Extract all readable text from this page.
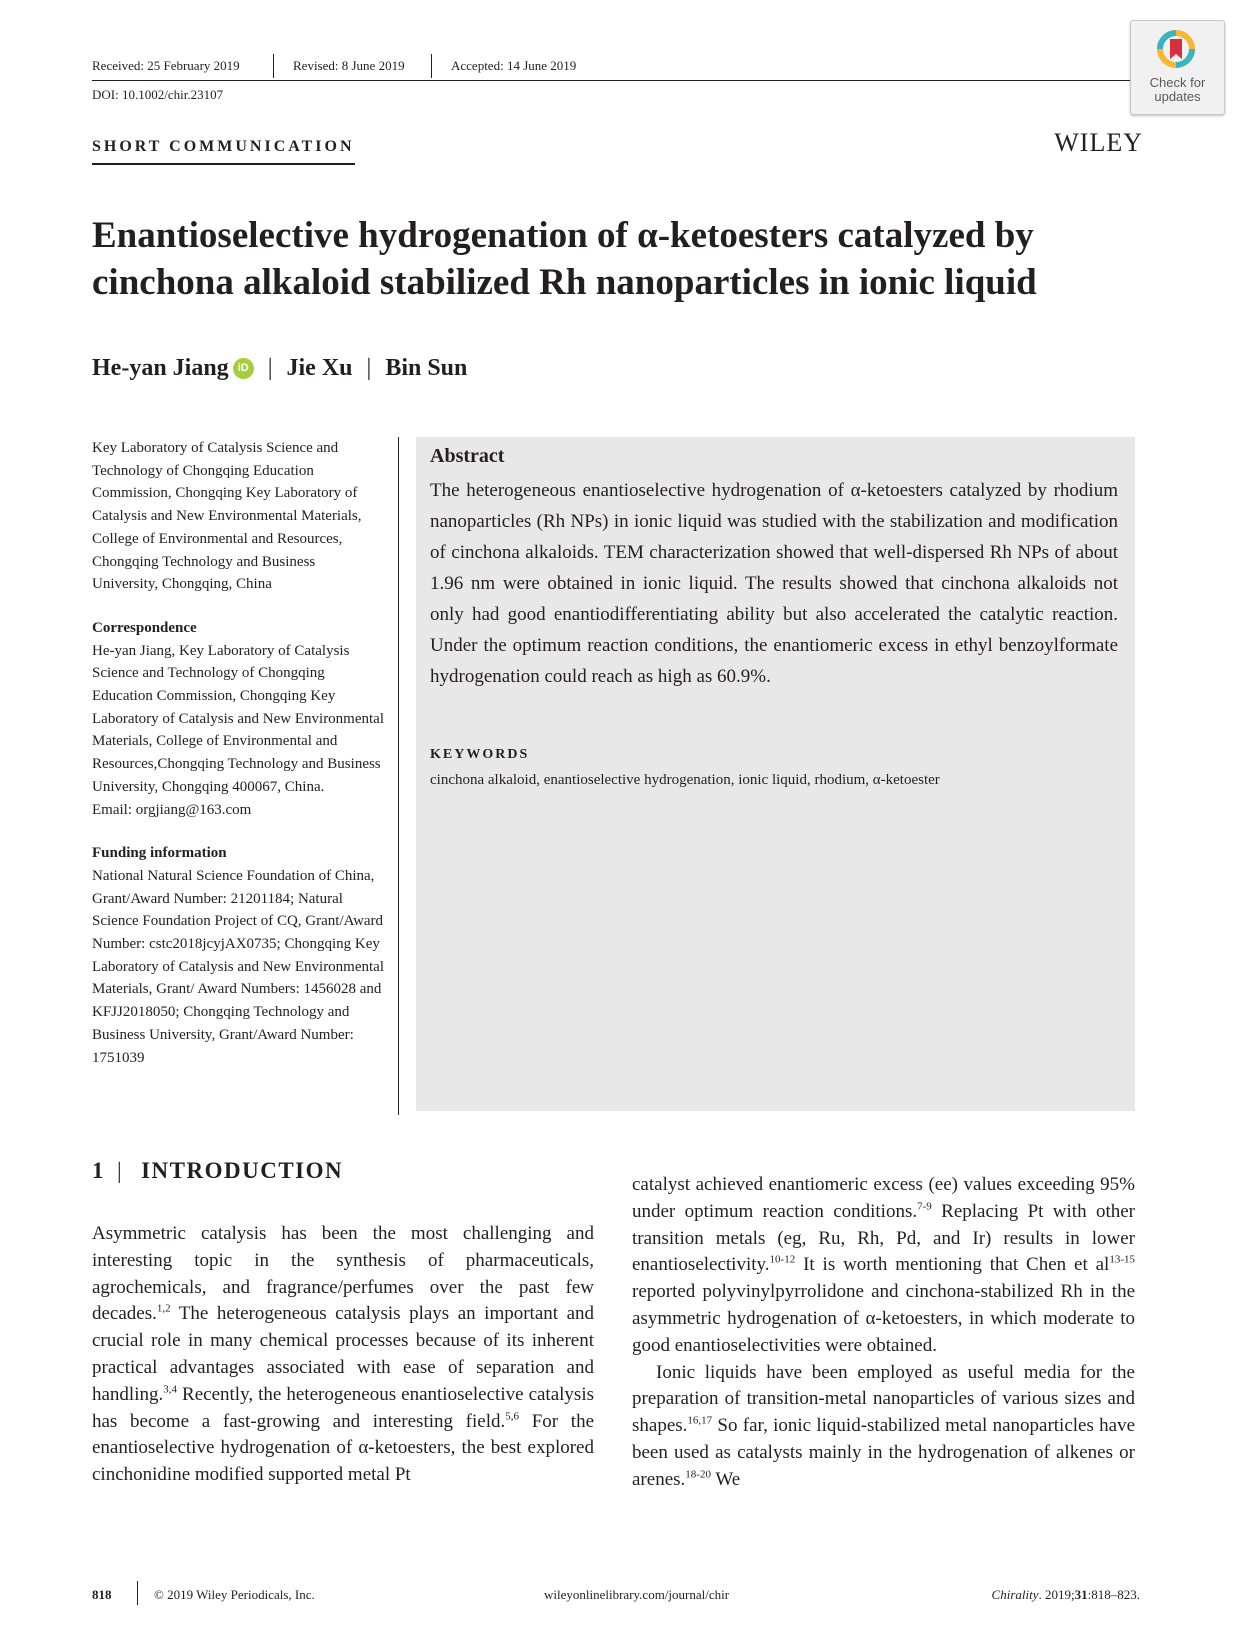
Received: 25 February 2019	Revised: 8 June 2019	Accepted: 14 June 2019
DOI: 10.1002/chir.23107
Check for
updates
SHORT COMMUNICATION	WILEY
Enantioselective hydrogenation of α-ketoesters catalyzed by cinchona alkaloid stabilized Rh nanoparticles in ionic liquid
He-yan Jiang iD | Jie Xu | Bin Sun

Key Laboratory of Catalysis Science and Technology of Chongqing Education Commission, Chongqing Key Laboratory of Catalysis and New Environmental Materials, College of Environmental and Resources, Chongqing Technology and Business University, Chongqing, China

Correspondence

He-yan Jiang, Key Laboratory of Catalysis Science and Technology of Chongqing Education Commission, Chongqing Key Laboratory of Catalysis and New Environmental Materials, College of Environmental and Resources,Chongqing Technology and Business University, Chongqing 400067, China.

Email: orgjiang@163.com

Funding information

National Natural Science Foundation of China, Grant/Award Number: 21201184; Natural Science Foundation Project of CQ, Grant/Award Number: cstc2018jcyjAX0735; Chongqing Key Laboratory of Catalysis and New Environmental Materials, Grant/ Award Numbers: 1456028 and KFJJ2018050; Chongqing Technology and Business University, Grant/Award Number: 1751039

Abstract

The heterogeneous enantioselective hydrogenation of α-ketoesters catalyzed by rhodium nanoparticles (Rh NPs) in ionic liquid was studied with the stabilization and modification of cinchona alkaloids. TEM characterization showed that well-dispersed Rh NPs of about 1.96 nm were obtained in ionic liquid. The results showed that cinchona alkaloids not only had good enantiodifferentiating ability but also accelerated the catalytic reaction. Under the optimum reaction conditions, the enantiomeric excess in ethyl benzoylformate hydrogenation could reach as high as 60.9%.

KEYWORDS

cinchona alkaloid, enantioselective hydrogenation, ionic liquid, rhodium, α-ketoester

1 | INTRODUCTION

Asymmetric catalysis has been the most challenging and interesting topic in the synthesis of pharmaceuticals, agrochemicals, and fragrance/perfumes over the past few decades.$^{1,2}$ The heterogeneous catalysis plays an important and crucial role in many chemical processes because of its inherent practical advantages associated with ease of separation and handling.$^{3,4}$ Recently, the heterogeneous enantioselective catalysis has become a fast-growing and interesting field.$^{5,6}$ For the enantioselective hydrogenation of α-ketoesters, the best explored cinchonidine modified supported metal Pt

catalyst achieved enantiomeric excess (ee) values exceeding 95% under optimum reaction conditions.$^{7-9}$ Replacing Pt with other transition metals (eg, Ru, Rh, Pd, and Ir) results in lower enantioselectivity.$^{10-12}$ It is worth mentioning that Chen et $al^{13-15}$ reported polyvinylpyrrolidone and cinchona-stabilized Rh in the asymmetric hydrogenation of α-ketoesters, in which moderate to good enantioselectivities were obtained.

Ionic liquids have been employed as useful media for the preparation of transition-metal nanoparticles of various sizes and shapes.$^{16,17}$ So far, ionic liquid-stabilized metal nanoparticles have been used as catalysts mainly in the hydrogenation of alkenes or arenes.$^{18-20}$ We

818	© 2019 Wiley Periodicals, Inc.	wileyonlinelibrary.com/journal/chir	Chirality. 2019;31:818–823.
